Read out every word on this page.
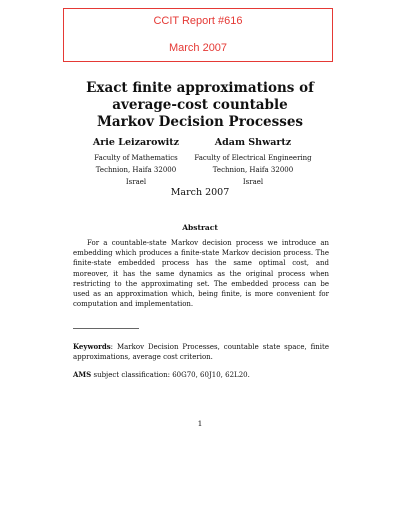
CCIT Report #616
March 2007
Exact finite approximations of
average-cost countable
Markov Decision Processes
Arie Leizarowitz
Faculty of Mathematics
Technion, Haifa 32000
Israel
Adam Shwartz
Faculty of Electrical Engineering
Technion, Haifa 32000
Israel
March 2007
Abstract
For a countable-state Markov decision process we introduce an embedding which produces a finite-state Markov decision process. The finite-state embedded process has the same optimal cost, and moreover, it has the same dynamics as the original process when restricting to the approximating set. The embedded process can be used as an approximation which, being finite, is more convenient for computation and implementation.
Keywords: Markov Decision Processes, countable state space, finite approximations, average cost criterion.
AMS subject classification: 60G70, 60J10, 62L20.
1
